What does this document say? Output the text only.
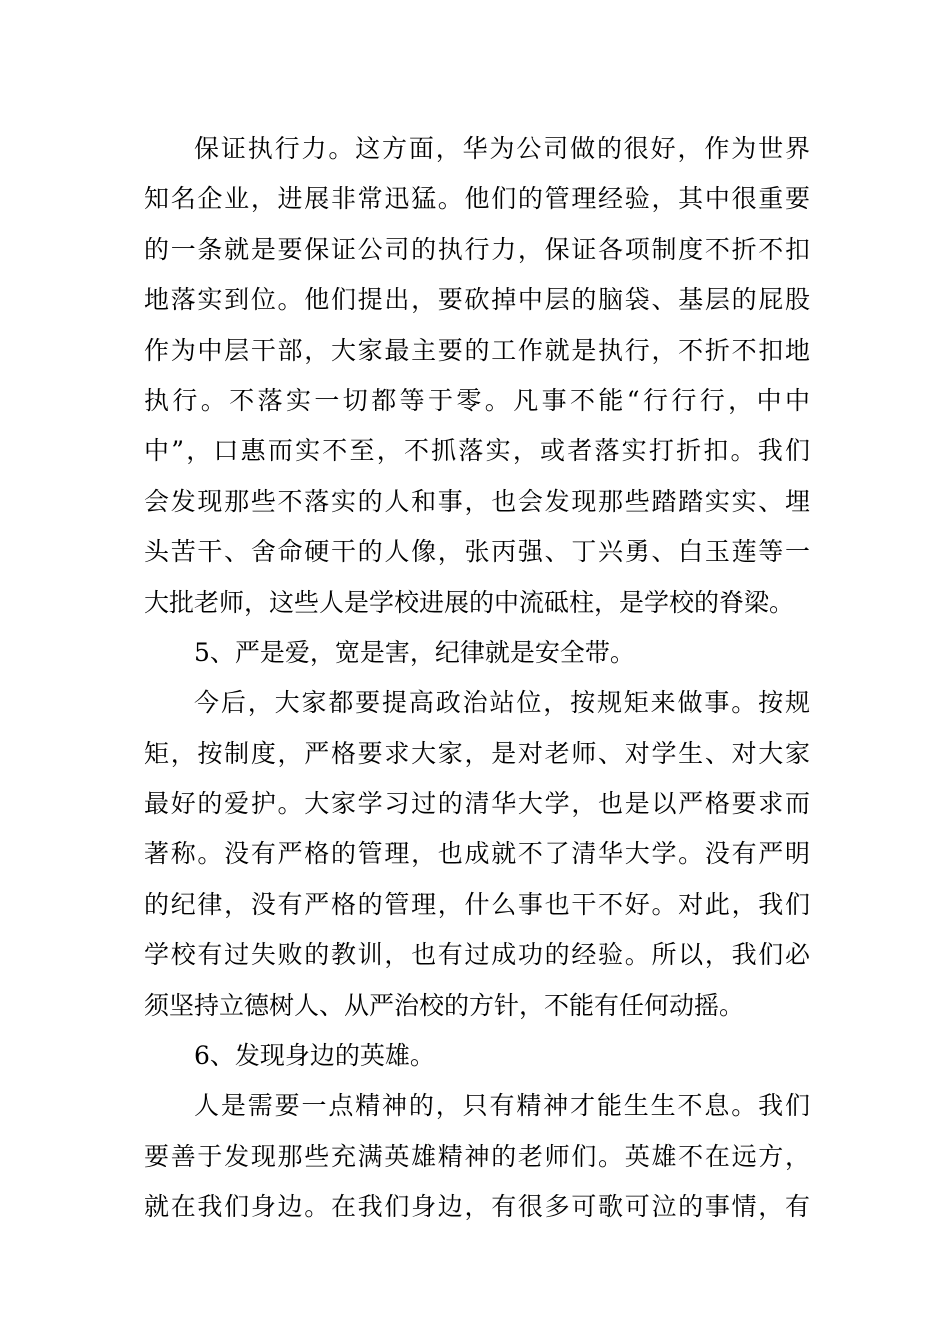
保证执行力。这方面，华为公司做的很好，作为世界
知名企业，进展非常迅猛。他们的管理经验，其中很重要
的一条就是要保证公司的执行力，保证各项制度不折不扣
地落实到位。他们提出，要砍掉中层的脑袋、基层的屁股
作为中层干部，大家最主要的工作就是执行，不折不扣地
执行。不落实一切都等于零。凡事不能“行行行，中中
中”，口惠而实不至，不抓落实，或者落实打折扣。我们
会发现那些不落实的人和事，也会发现那些踏踏实实、埋
头苦干、舍命硬干的人像，张丙强、丁兴勇、白玉莲等一
大批老师，这些人是学校进展的中流砥柱，是学校的脊梁。
5、严是爱，宽是害，纪律就是安全带。
今后，大家都要提高政治站位，按规矩来做事。按规
矩，按制度，严格要求大家，是对老师、对学生、对大家
最好的爱护。大家学习过的清华大学，也是以严格要求而
著称。没有严格的管理，也成就不了清华大学。没有严明
的纪律，没有严格的管理，什么事也干不好。对此，我们
学校有过失败的教训，也有过成功的经验。所以，我们必
须坚持立德树人、从严治校的方针，不能有任何动摇。
6、发现身边的英雄。
人是需要一点精神的，只有精神才能生生不息。我们
要善于发现那些充满英雄精神的老师们。英雄不在远方，
就在我们身边。在我们身边，有很多可歌可泣的事情，有
